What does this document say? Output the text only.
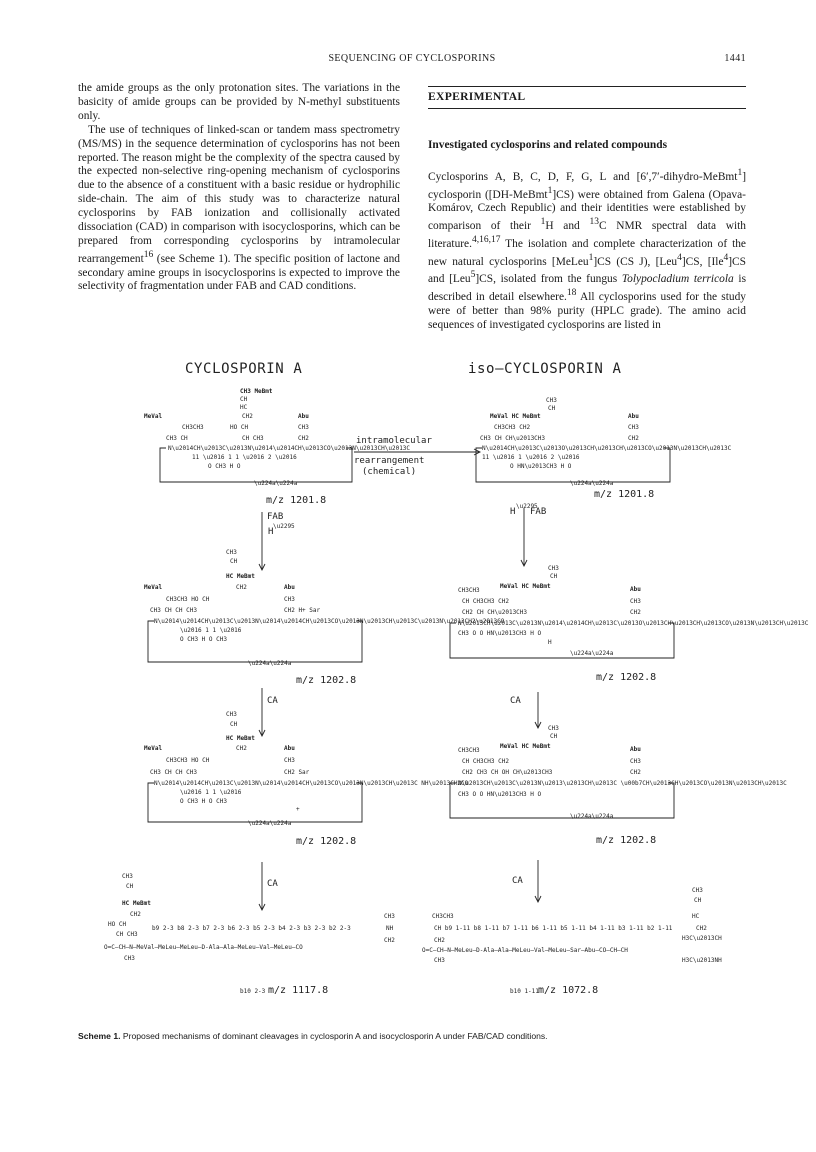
SEQUENCING OF CYCLOSPORINS	1441

the amide groups as the only protonation sites. The variations in the basicity of amide groups can be provided by N-methyl substituents only.

The use of techniques of linked-scan or tandem mass spectrometry (MS/MS) in the sequence determination of cyclosporins has not been reported. The reason might be the complexity of the spectra caused by the expected non-selective ring-opening mechanism of cyclosporins due to the absence of a constituent with a basic residue or hydrophilic side-chain. The aim of this study was to characterize natural cyclosporins by FAB ionization and collisionally activated dissociation (CAD) in comparison with isocyclosporins, which can be prepared from corresponding cyclosporins by intramolecular rearrangement$^{16}$ (see Scheme 1). The specific position of lactone and secondary amine groups in isocyclosporins is expected to improve the selectivity of fragmentation under FAB and CAD conditions.

EXPERIMENTAL
Investigated cyclosporins and related compounds

Cyclosporins A, B, C, D, F, G, L and [6′,7′-dihydro-MeBmt$^1$] cyclosporin ([DH-MeBmt$^1$]CS) were obtained from Galena (Opava-Komárov, Czech Republic) and their identities were established by comparison of their $^1$H and $^{13}$C NMR spectral data with literature.$^{4,16,17}$ The isolation and complete characterization of the new natural cyclosporins [MeLeu$^1$]CS (CS J), [Leu$^4$]CS, [Ile$^4$]CS and [Leu$^5$]CS, isolated from the fungus Tolypocladium terricola is described in detail elsewhere.$^{18}$ All cyclosporins used for the study were of better than 98% purity (HPLC grade). The amino acid sequences of investigated cyclosporins are listed in

CYCLOSPORIN A	iso–CYCLOSPORIN A
CH3 MeBmt
CH
HC
MeVal	CH2	Abu
CH3CH3	HO CH	CH3
CH3 CH	CH CH3	CH2
N\u2014CH\u2013C\u2013N\u2014\u2014CH\u2013CO\u2013N\u2013CH\u2013C
11 \u2016 1 1 \u2016 2 \u2016
O CH3 H O
\u224a\u224a
intramolecular
rearrangement
(chemical)
CH3
CH
MeVal HC MeBmt	Abu
CH3CH3 CH2	CH3
CH3 CH CH\u2013CH3	CH2
N\u2014CH\u2013C\u2013O\u2013CH\u2013CH\u2013CO\u2013N\u2013CH\u2013C
11 \u2016 1 \u2016 2 \u2016
O HN\u2013CH3 H O
\u224a\u224a
m/z 1201.8
m/z 1201.8
FAB
H
\u2295
FAB
H
\u2295
CH3
CH
HC MeBmt
MeVal	CH2	Abu
CH3CH3 HO CH	CH3
CH3 CH CH CH3	CH2 H+ Sar
N\u2014\u2014CH\u2013C\u2013N\u2014\u2014CH\u2013CO\u2013N\u2013CH\u2013C\u2013N\u2013CH2\u2013CO
\u2016 1 1 \u2016
O CH3 H O CH3
\u224a\u224a
m/z 1202.8
CH3
CH
MeVal HC MeBmt	Abu
CH3CH3
CH CH3CH3 CH2	CH3
CH2 CH CH\u2013CH3	CH2
N\u2013CH\u2013C\u2013N\u2014\u2014CH\u2013C\u2013O\u2013CH\u2013CH\u2013CO\u2013N\u2013CH\u2013C
CH3 O O HN\u2013CH3 H O
H
\u224a\u224a
m/z 1202.8
CA	CA
CH3
CH
HC MeBmt
MeVal	CH2	Abu
CH3CH3 HO CH	CH3
CH3 CH CH CH3	CH2 Sar
N\u2014\u2014CH\u2013C\u2013N\u2014\u2014CH\u2013CO\u2013N\u2013CH\u2013C NH\u2013CH2CO
\u2016 1 1 \u2016
O CH3 H O CH3
+
\u224a\u224a
m/z 1202.8
CH3
CH
MeVal HC MeBmt	Abu
CH3CH3
CH CH3CH3 CH2	CH3
CH2 CH3 CH OH CH\u2013CH3	CH2
N\u2013CH\u2013C\u2013N\u2013\u2013CH\u2013C \u00b7CH\u2013CH\u2013CO\u2013N\u2013CH\u2013C
CH3 O O HN\u2013CH3 H O
\u224a\u224a
m/z 1202.8
CA	CA
CH3
CH
HC MeBmt
CH2
HO CH
CH CH3
b9 2-3 b8 2-3 b7 2-3 b6 2-3 b5 2-3 b4 2-3 b3 2-3 b2 2-3
CH3
NH
CH2
O=C–CH–N–MeVal–MeLeu–MeLeu–D-Ala–Ala–MeLeu–Val–MeLeu–CO
CH3
b10 2-3 m/z 1117.8
CH3CH3
CH b9 1-11 b8 1-11 b7 1-11 b6 1-11 b5 1-11 b4 1-11 b3 1-11 b2 1-11
CH2
O=C–CH–N–MeLeu–D-Ala–Ala–MeLeu–Val–MeLeu–Sar–Abu–CO–CH–CH
CH3
CH3
CH
HC
CH2
H3C\u2013CH
H3C\u2013NH
b10 1-11 m/z 1072.8
Scheme 1. Proposed mechanisms of dominant cleavages in cyclosporin A and isocyclosporin A under FAB/CAD conditions.
